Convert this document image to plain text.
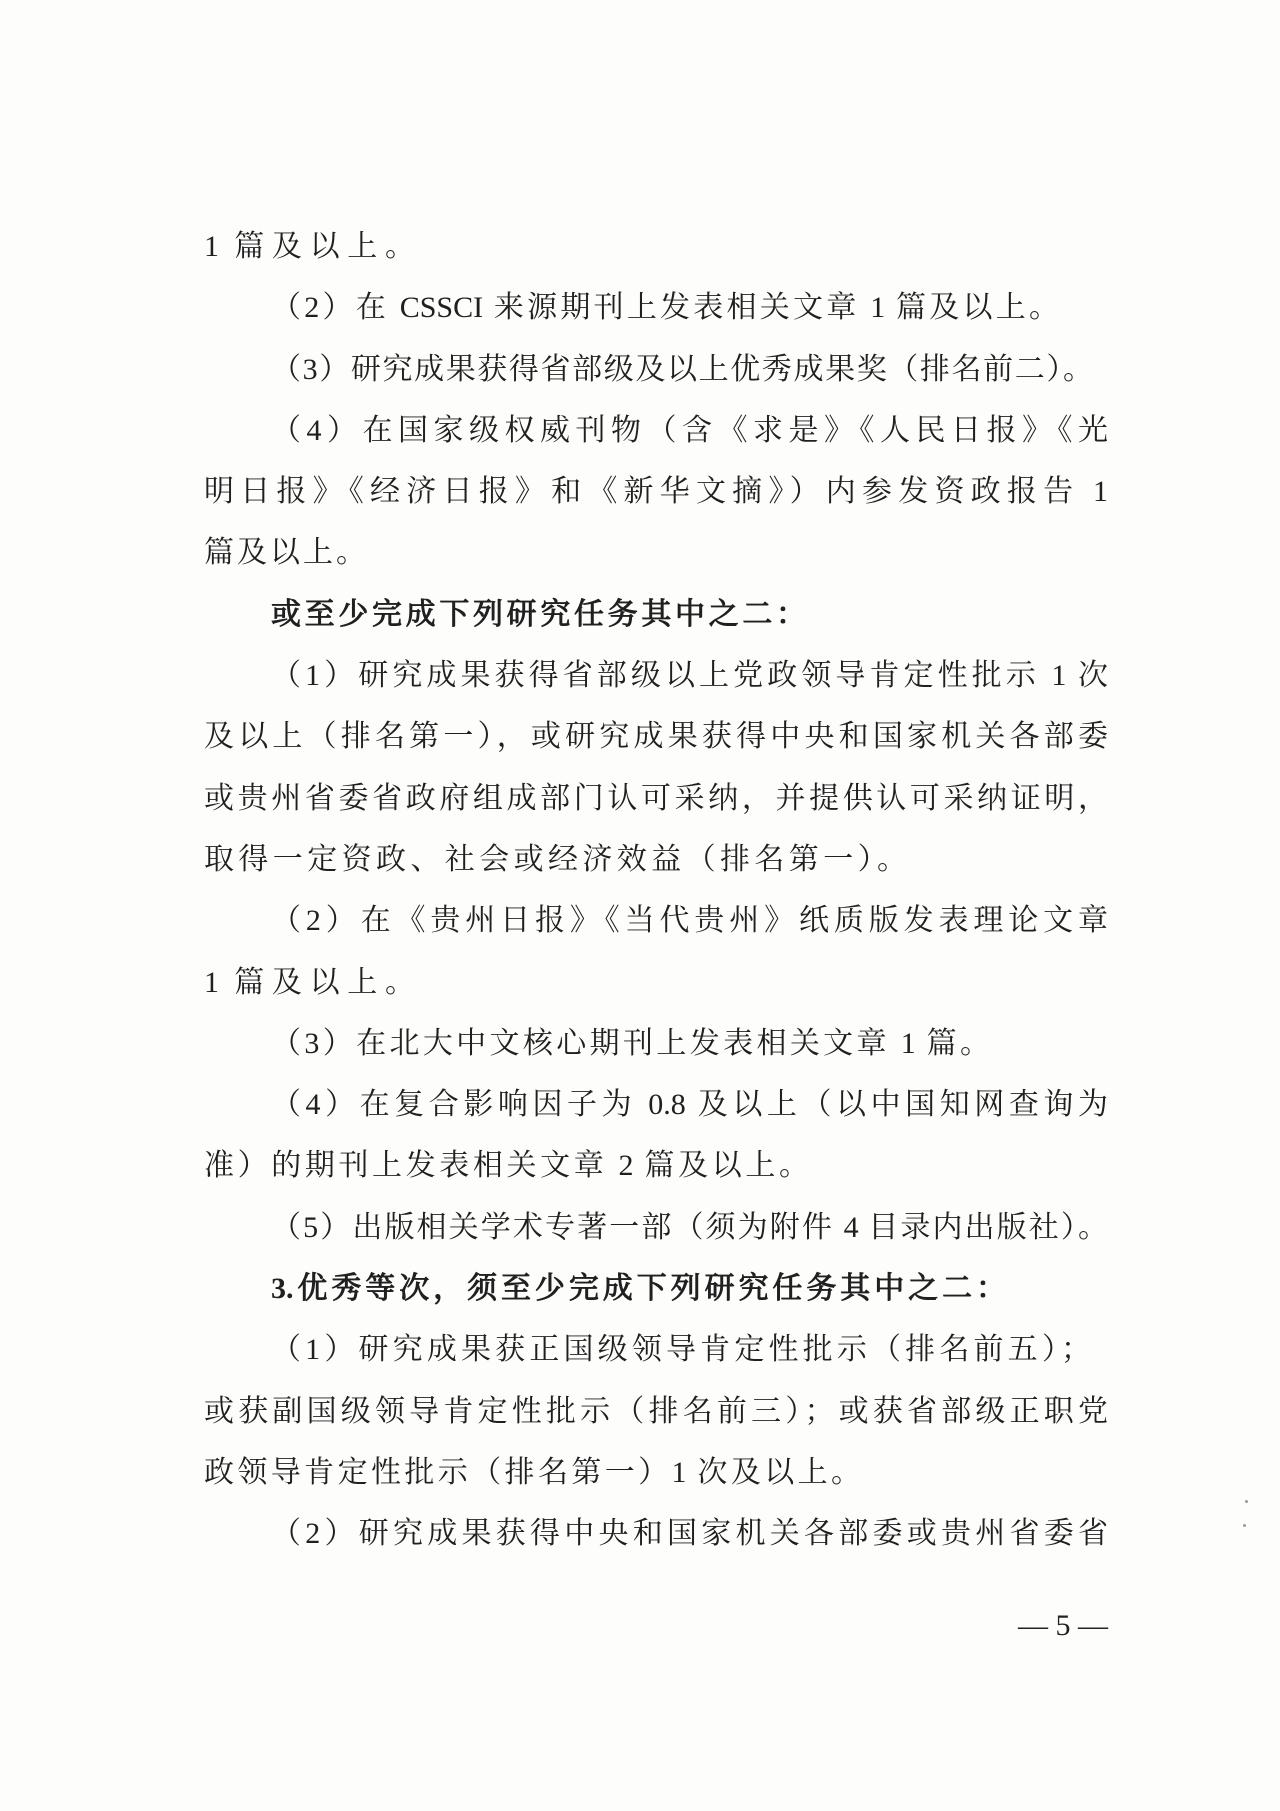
1 篇及以上。
（2）在 CSSCI 来源期刊上发表相关文章 1 篇及以上。
（3）研究成果获得省部级及以上优秀成果奖（排名前二）。
（4）在国家级权威刊物（含《求是》《人民日报》《光
明日报》《经济日报》和《新华文摘》）内参发资政报告 1
篇及以上。
或至少完成下列研究任务其中之二：
（1）研究成果获得省部级以上党政领导肯定性批示 1 次
及以上（排名第一），或研究成果获得中央和国家机关各部委
或贵州省委省政府组成部门认可采纳，并提供认可采纳证明，
取得一定资政、社会或经济效益（排名第一）。
（2）在《贵州日报》《当代贵州》纸质版发表理论文章
1 篇及以上。
（3）在北大中文核心期刊上发表相关文章 1 篇。
（4）在复合影响因子为 0.8 及以上（以中国知网查询为
准）的期刊上发表相关文章 2 篇及以上。
（5）出版相关学术专著一部（须为附件 4 目录内出版社）。
3.优秀等次，须至少完成下列研究任务其中之二：
（1）研究成果获正国级领导肯定性批示（排名前五）；
或获副国级领导肯定性批示（排名前三）；或获省部级正职党
政领导肯定性批示（排名第一）1 次及以上。
（2）研究成果获得中央和国家机关各部委或贵州省委省
— 5 —
